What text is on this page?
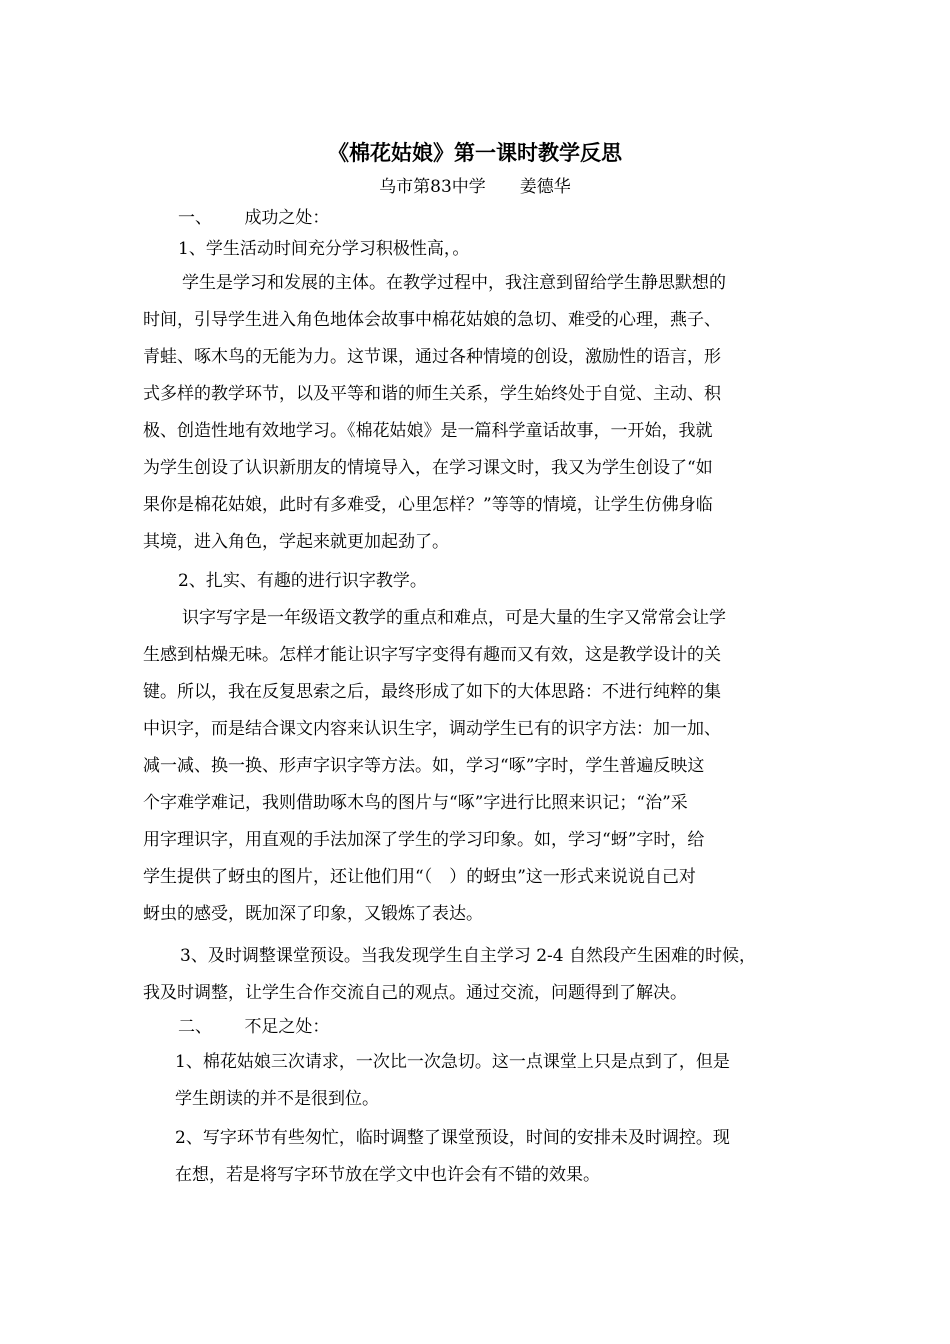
《棉花姑娘》第一课时教学反思
乌市第83中学　　姜德华
一、 成功之处：
1、学生活动时间充分学习积极性高，。
学生是学习和发展的主体。在教学过程中，我注意到留给学生静思默想的
时间，引导学生进入角色地体会故事中棉花姑娘的急切、难受的心理，燕子、
青蛙、啄木鸟的无能为力。这节课，通过各种情境的创设，激励性的语言，形
式多样的教学环节，以及平等和谐的师生关系，学生始终处于自觉、主动、积
极、创造性地有效地学习。《棉花姑娘》是一篇科学童话故事，一开始，我就
为学生创设了认识新朋友的情境导入，在学习课文时，我又为学生创设了“如
果你是棉花姑娘，此时有多难受，心里怎样？”等等的情境，让学生仿佛身临
其境，进入角色，学起来就更加起劲了。
2、扎实、有趣的进行识字教学。
识字写字是一年级语文教学的重点和难点，可是大量的生字又常常会让学
生感到枯燥无味。怎样才能让识字写字变得有趣而又有效，这是教学设计的关
键。所以，我在反复思索之后，最终形成了如下的大体思路：不进行纯粹的集
中识字，而是结合课文内容来认识生字，调动学生已有的识字方法：加一加、
减一减、换一换、形声字识字等方法。如，学习“啄”字时，学生普遍反映这
个字难学难记，我则借助啄木鸟的图片与“啄”字进行比照来识记；“治”采
用字理识字，用直观的手法加深了学生的学习印象。如，学习“蚜”字时，给
学生提供了蚜虫的图片，还让他们用“（　）的蚜虫”这一形式来说说自己对
蚜虫的感受，既加深了印象，又锻炼了表达。
3、及时调整课堂预设。当我发现学生自主学习 2-4 自然段产生困难的时候，
我及时调整，让学生合作交流自己的观点。通过交流，问题得到了解决。
二、 不足之处：
1、棉花姑娘三次请求，一次比一次急切。这一点课堂上只是点到了，但是
学生朗读的并不是很到位。
2、写字环节有些匆忙，临时调整了课堂预设，时间的安排未及时调控。现
在想，若是将写字环节放在学文中也许会有不错的效果。
